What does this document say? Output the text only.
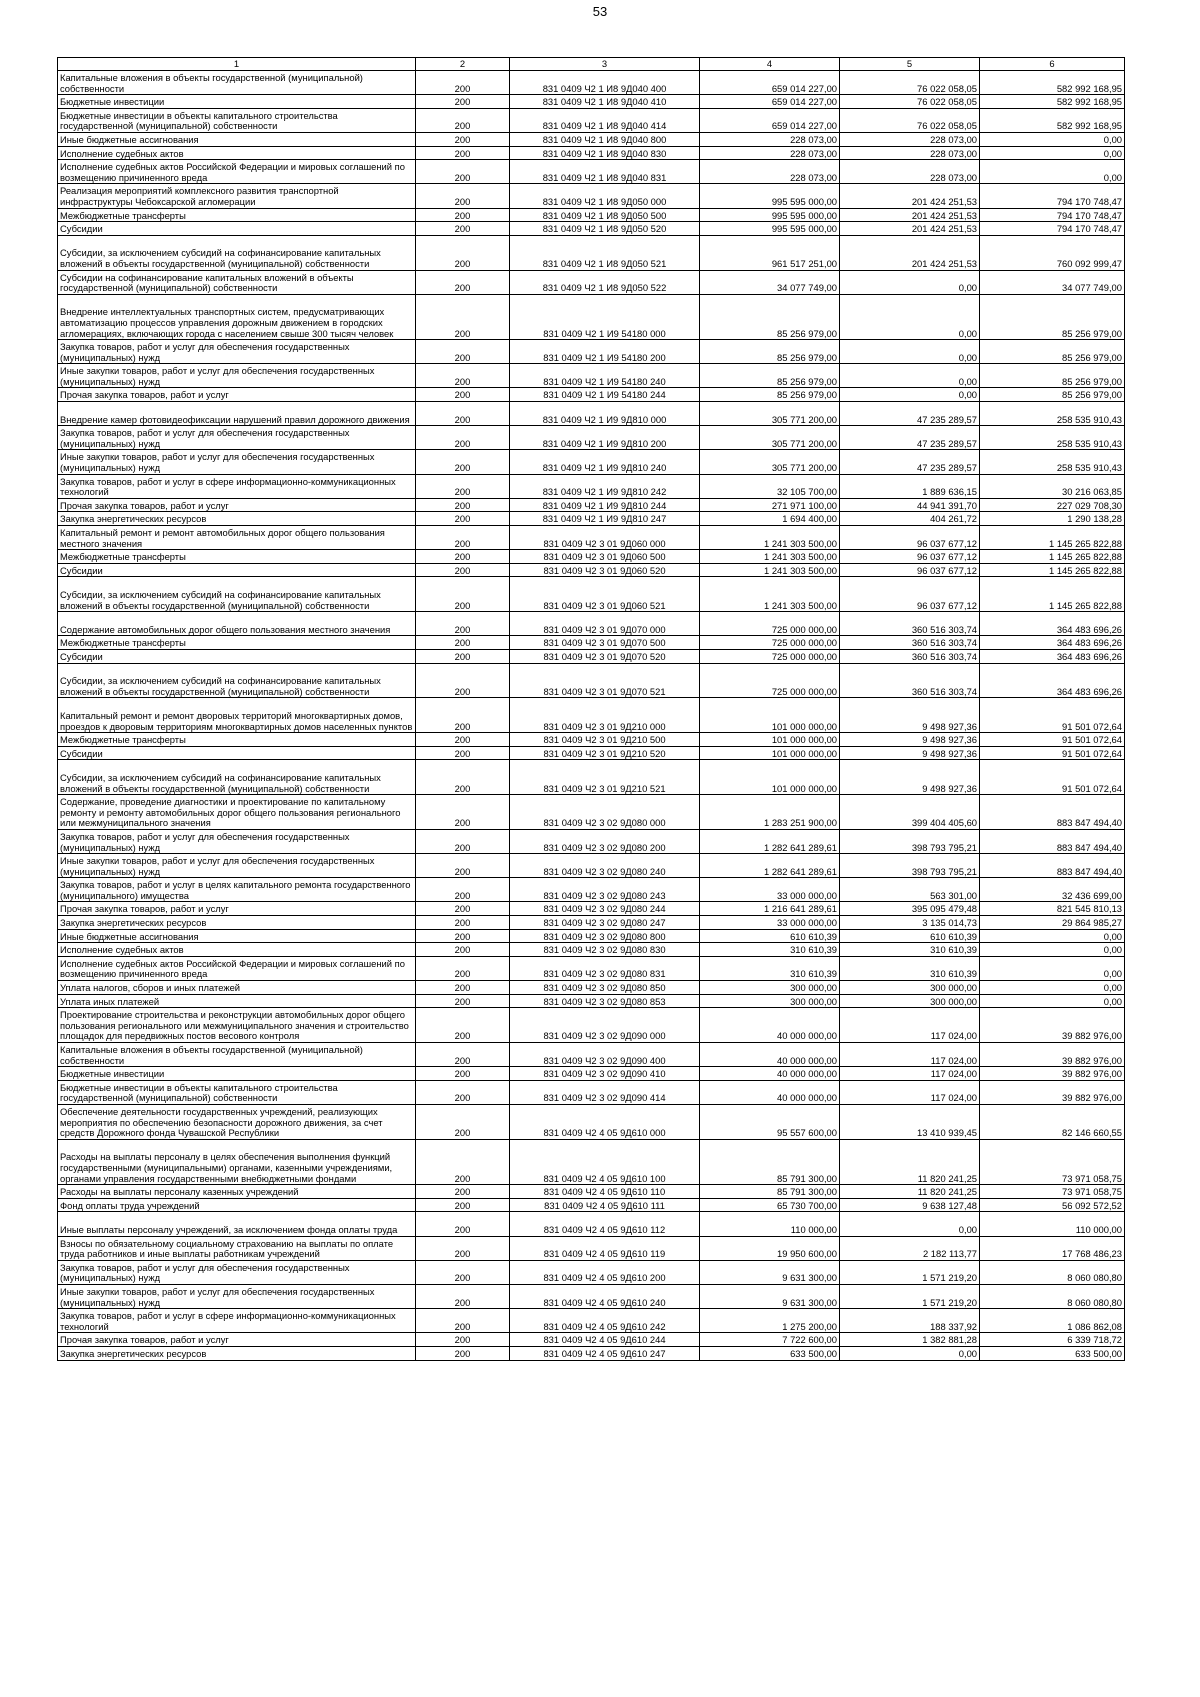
53
1	2	3	4	5	6
Капитальные вложения в объекты государственной (муниципальной) собственности	200	831 0409 Ч2 1 И8 9Д040 400	659 014 227,00	76 022 058,05	582 992 168,95
Бюджетные инвестиции	200	831 0409 Ч2 1 И8 9Д040 410	659 014 227,00	76 022 058,05	582 992 168,95
Бюджетные инвестиции в объекты капитального строительства государственной (муниципальной) собственности	200	831 0409 Ч2 1 И8 9Д040 414	659 014 227,00	76 022 058,05	582 992 168,95
Иные бюджетные ассигнования	200	831 0409 Ч2 1 И8 9Д040 800	228 073,00	228 073,00	0,00
Исполнение судебных актов	200	831 0409 Ч2 1 И8 9Д040 830	228 073,00	228 073,00	0,00
Исполнение судебных актов Российской Федерации и мировых соглашений по возмещению причиненного вреда	200	831 0409 Ч2 1 И8 9Д040 831	228 073,00	228 073,00	0,00
Реализация мероприятий комплексного развития транспортной инфраструктуры Чебоксарской агломерации	200	831 0409 Ч2 1 И8 9Д050 000	995 595 000,00	201 424 251,53	794 170 748,47
Межбюджетные трансферты	200	831 0409 Ч2 1 И8 9Д050 500	995 595 000,00	201 424 251,53	794 170 748,47
Субсидии	200	831 0409 Ч2 1 И8 9Д050 520	995 595 000,00	201 424 251,53	794 170 748,47
Субсидии, за исключением субсидий на софинансирование капитальных вложений в объекты государственной (муниципальной) собственности	200	831 0409 Ч2 1 И8 9Д050 521	961 517 251,00	201 424 251,53	760 092 999,47
Субсидии на софинансирование капитальных вложений в объекты государственной (муниципальной) собственности	200	831 0409 Ч2 1 И8 9Д050 522	34 077 749,00	0,00	34 077 749,00
Внедрение интеллектуальных транспортных систем, предусматривающих автоматизацию процессов управления дорожным движением в городских агломерациях, включающих города с населением свыше 300 тысяч человек	200	831 0409 Ч2 1 И9 54180 000	85 256 979,00	0,00	85 256 979,00
Закупка товаров, работ и услуг для обеспечения государственных (муниципальных) нужд	200	831 0409 Ч2 1 И9 54180 200	85 256 979,00	0,00	85 256 979,00
Иные закупки товаров, работ и услуг для обеспечения государственных (муниципальных) нужд	200	831 0409 Ч2 1 И9 54180 240	85 256 979,00	0,00	85 256 979,00
Прочая закупка товаров, работ и услуг	200	831 0409 Ч2 1 И9 54180 244	85 256 979,00	0,00	85 256 979,00
Внедрение камер фотовидеофиксации нарушений правил дорожного движения	200	831 0409 Ч2 1 И9 9Д810 000	305 771 200,00	47 235 289,57	258 535 910,43
Закупка товаров, работ и услуг для обеспечения государственных (муниципальных) нужд	200	831 0409 Ч2 1 И9 9Д810 200	305 771 200,00	47 235 289,57	258 535 910,43
Иные закупки товаров, работ и услуг для обеспечения государственных (муниципальных) нужд	200	831 0409 Ч2 1 И9 9Д810 240	305 771 200,00	47 235 289,57	258 535 910,43
Закупка товаров, работ и услуг в сфере информационно-коммуникационных технологий	200	831 0409 Ч2 1 И9 9Д810 242	32 105 700,00	1 889 636,15	30 216 063,85
Прочая закупка товаров, работ и услуг	200	831 0409 Ч2 1 И9 9Д810 244	271 971 100,00	44 941 391,70	227 029 708,30
Закупка энергетических ресурсов	200	831 0409 Ч2 1 И9 9Д810 247	1 694 400,00	404 261,72	1 290 138,28
Капитальный ремонт и ремонт автомобильных дорог общего пользования местного значения	200	831 0409 Ч2 3 01 9Д060 000	1 241 303 500,00	96 037 677,12	1 145 265 822,88
Межбюджетные трансферты	200	831 0409 Ч2 3 01 9Д060 500	1 241 303 500,00	96 037 677,12	1 145 265 822,88
Субсидии	200	831 0409 Ч2 3 01 9Д060 520	1 241 303 500,00	96 037 677,12	1 145 265 822,88
Субсидии, за исключением субсидий на софинансирование капитальных вложений в объекты государственной (муниципальной) собственности	200	831 0409 Ч2 3 01 9Д060 521	1 241 303 500,00	96 037 677,12	1 145 265 822,88
Содержание автомобильных дорог общего пользования местного значения	200	831 0409 Ч2 3 01 9Д070 000	725 000 000,00	360 516 303,74	364 483 696,26
Межбюджетные трансферты	200	831 0409 Ч2 3 01 9Д070 500	725 000 000,00	360 516 303,74	364 483 696,26
Субсидии	200	831 0409 Ч2 3 01 9Д070 520	725 000 000,00	360 516 303,74	364 483 696,26
Субсидии, за исключением субсидий на софинансирование капитальных вложений в объекты государственной (муниципальной) собственности	200	831 0409 Ч2 3 01 9Д070 521	725 000 000,00	360 516 303,74	364 483 696,26
Капитальный ремонт и ремонт дворовых территорий многоквартирных домов, проездов к дворовым территориям многоквартирных домов населенных пунктов	200	831 0409 Ч2 3 01 9Д210 000	101 000 000,00	9 498 927,36	91 501 072,64
Межбюджетные трансферты	200	831 0409 Ч2 3 01 9Д210 500	101 000 000,00	9 498 927,36	91 501 072,64
Субсидии	200	831 0409 Ч2 3 01 9Д210 520	101 000 000,00	9 498 927,36	91 501 072,64
Субсидии, за исключением субсидий на софинансирование капитальных вложений в объекты государственной (муниципальной) собственности	200	831 0409 Ч2 3 01 9Д210 521	101 000 000,00	9 498 927,36	91 501 072,64
Содержание, проведение диагностики и проектирование по капитальному ремонту и ремонту автомобильных дорог общего пользования регионального или межмуниципального значения	200	831 0409 Ч2 3 02 9Д080 000	1 283 251 900,00	399 404 405,60	883 847 494,40
Закупка товаров, работ и услуг для обеспечения государственных (муниципальных) нужд	200	831 0409 Ч2 3 02 9Д080 200	1 282 641 289,61	398 793 795,21	883 847 494,40
Иные закупки товаров, работ и услуг для обеспечения государственных (муниципальных) нужд	200	831 0409 Ч2 3 02 9Д080 240	1 282 641 289,61	398 793 795,21	883 847 494,40
Закупка товаров, работ и услуг в целях капитального ремонта государственного (муниципального) имущества	200	831 0409 Ч2 3 02 9Д080 243	33 000 000,00	563 301,00	32 436 699,00
Прочая закупка товаров, работ и услуг	200	831 0409 Ч2 3 02 9Д080 244	1 216 641 289,61	395 095 479,48	821 545 810,13
Закупка энергетических ресурсов	200	831 0409 Ч2 3 02 9Д080 247	33 000 000,00	3 135 014,73	29 864 985,27
Иные бюджетные ассигнования	200	831 0409 Ч2 3 02 9Д080 800	610 610,39	610 610,39	0,00
Исполнение судебных актов	200	831 0409 Ч2 3 02 9Д080 830	310 610,39	310 610,39	0,00
Исполнение судебных актов Российской Федерации и мировых соглашений по возмещению причиненного вреда	200	831 0409 Ч2 3 02 9Д080 831	310 610,39	310 610,39	0,00
Уплата налогов, сборов и иных платежей	200	831 0409 Ч2 3 02 9Д080 850	300 000,00	300 000,00	0,00
Уплата иных платежей	200	831 0409 Ч2 3 02 9Д080 853	300 000,00	300 000,00	0,00
Проектирование строительства и реконструкции автомобильных дорог общего пользования регионального или межмуниципального значения и строительство площадок для передвижных постов весового контроля	200	831 0409 Ч2 3 02 9Д090 000	40 000 000,00	117 024,00	39 882 976,00
Капитальные вложения в объекты государственной (муниципальной) собственности	200	831 0409 Ч2 3 02 9Д090 400	40 000 000,00	117 024,00	39 882 976,00
Бюджетные инвестиции	200	831 0409 Ч2 3 02 9Д090 410	40 000 000,00	117 024,00	39 882 976,00
Бюджетные инвестиции в объекты капитального строительства государственной (муниципальной) собственности	200	831 0409 Ч2 3 02 9Д090 414	40 000 000,00	117 024,00	39 882 976,00
Обеспечение деятельности государственных учреждений, реализующих мероприятия по обеспечению безопасности дорожного движения, за счет средств Дорожного фонда Чувашской Республики	200	831 0409 Ч2 4 05 9Д610 000	95 557 600,00	13 410 939,45	82 146 660,55
Расходы на выплаты персоналу в целях обеспечения выполнения функций государственными (муниципальными) органами, казенными учреждениями, органами управления государственными внебюджетными фондами	200	831 0409 Ч2 4 05 9Д610 100	85 791 300,00	11 820 241,25	73 971 058,75
Расходы на выплаты персоналу казенных учреждений	200	831 0409 Ч2 4 05 9Д610 110	85 791 300,00	11 820 241,25	73 971 058,75
Фонд оплаты труда учреждений	200	831 0409 Ч2 4 05 9Д610 111	65 730 700,00	9 638 127,48	56 092 572,52
Иные выплаты персоналу учреждений, за исключением фонда оплаты труда	200	831 0409 Ч2 4 05 9Д610 112	110 000,00	0,00	110 000,00
Взносы по обязательному социальному страхованию на выплаты по оплате труда работников и иные выплаты работникам учреждений	200	831 0409 Ч2 4 05 9Д610 119	19 950 600,00	2 182 113,77	17 768 486,23
Закупка товаров, работ и услуг для обеспечения государственных (муниципальных) нужд	200	831 0409 Ч2 4 05 9Д610 200	9 631 300,00	1 571 219,20	8 060 080,80
Иные закупки товаров, работ и услуг для обеспечения государственных (муниципальных) нужд	200	831 0409 Ч2 4 05 9Д610 240	9 631 300,00	1 571 219,20	8 060 080,80
Закупка товаров, работ и услуг в сфере информационно-коммуникационных технологий	200	831 0409 Ч2 4 05 9Д610 242	1 275 200,00	188 337,92	1 086 862,08
Прочая закупка товаров, работ и услуг	200	831 0409 Ч2 4 05 9Д610 244	7 722 600,00	1 382 881,28	6 339 718,72
Закупка энергетических ресурсов	200	831 0409 Ч2 4 05 9Д610 247	633 500,00	0,00	633 500,00
